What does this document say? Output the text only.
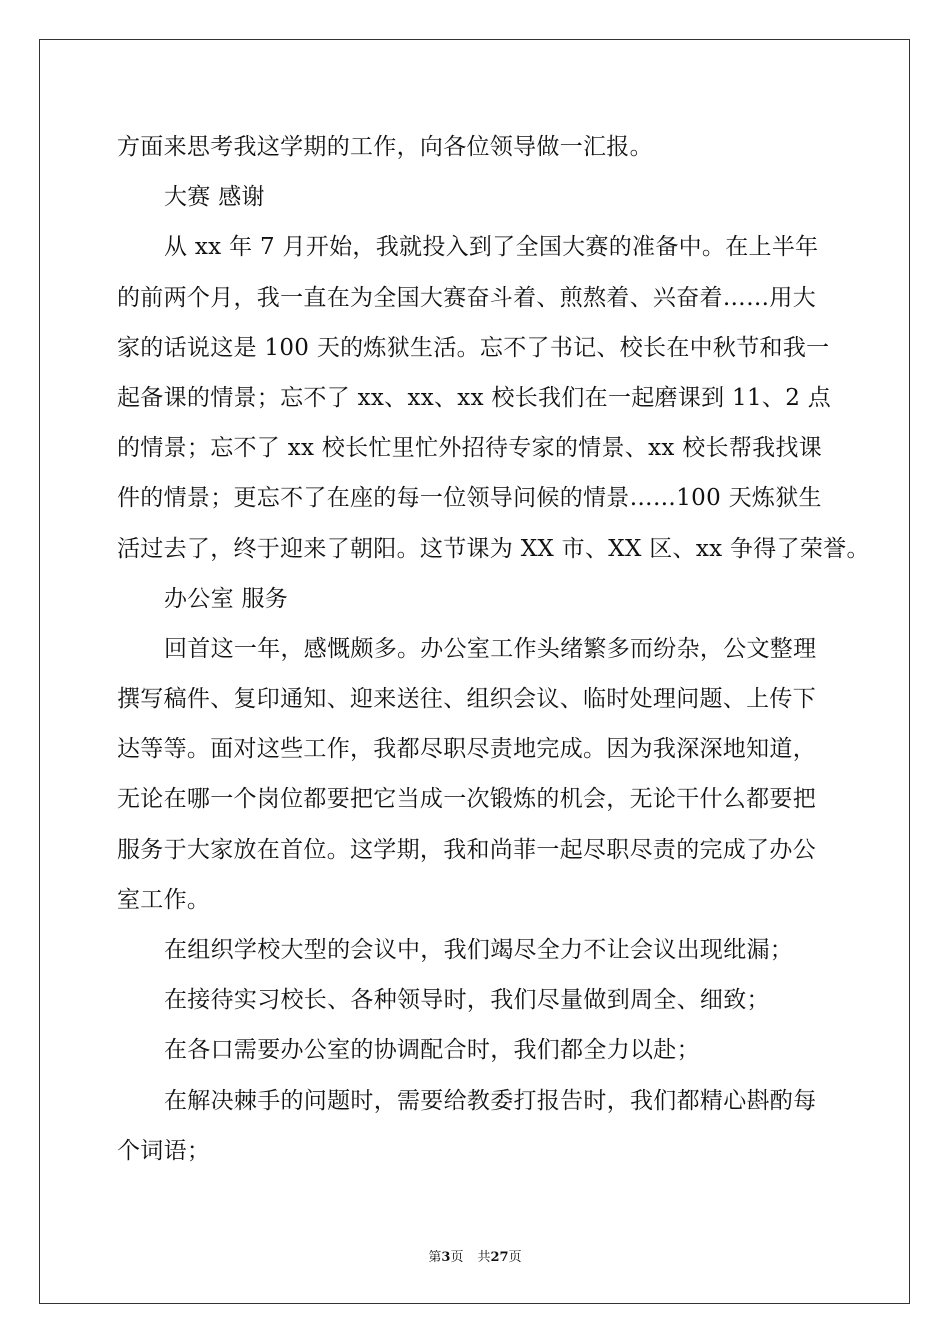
方面来思考我这学期的工作，向各位领导做一汇报。
大赛 感谢
从 xx 年 7 月开始，我就投入到了全国大赛的准备中。在上半年
的前两个月，我一直在为全国大赛奋斗着、煎熬着、兴奋着……用大
家的话说这是 100 天的炼狱生活。忘不了书记、校长在中秋节和我一
起备课的情景；忘不了 xx、xx、xx 校长我们在一起磨课到 11、2 点
的情景；忘不了 xx 校长忙里忙外招待专家的情景、xx 校长帮我找课
件的情景；更忘不了在座的每一位领导问候的情景……100 天炼狱生
活过去了，终于迎来了朝阳。这节课为 XX 市、XX 区、xx 争得了荣誉。
办公室 服务
回首这一年，感慨颇多。办公室工作头绪繁多而纷杂，公文整理
撰写稿件、复印通知、迎来送往、组织会议、临时处理问题、上传下
达等等。面对这些工作，我都尽职尽责地完成。因为我深深地知道，
无论在哪一个岗位都要把它当成一次锻炼的机会，无论干什么都要把
服务于大家放在首位。这学期，我和尚菲一起尽职尽责的完成了办公
室工作。
在组织学校大型的会议中，我们竭尽全力不让会议出现纰漏；
在接待实习校长、各种领导时，我们尽量做到周全、细致；
在各口需要办公室的协调配合时，我们都全力以赴；
在解决棘手的问题时，需要给教委打报告时，我们都精心斟酌每
个词语；
第3页 共27页
